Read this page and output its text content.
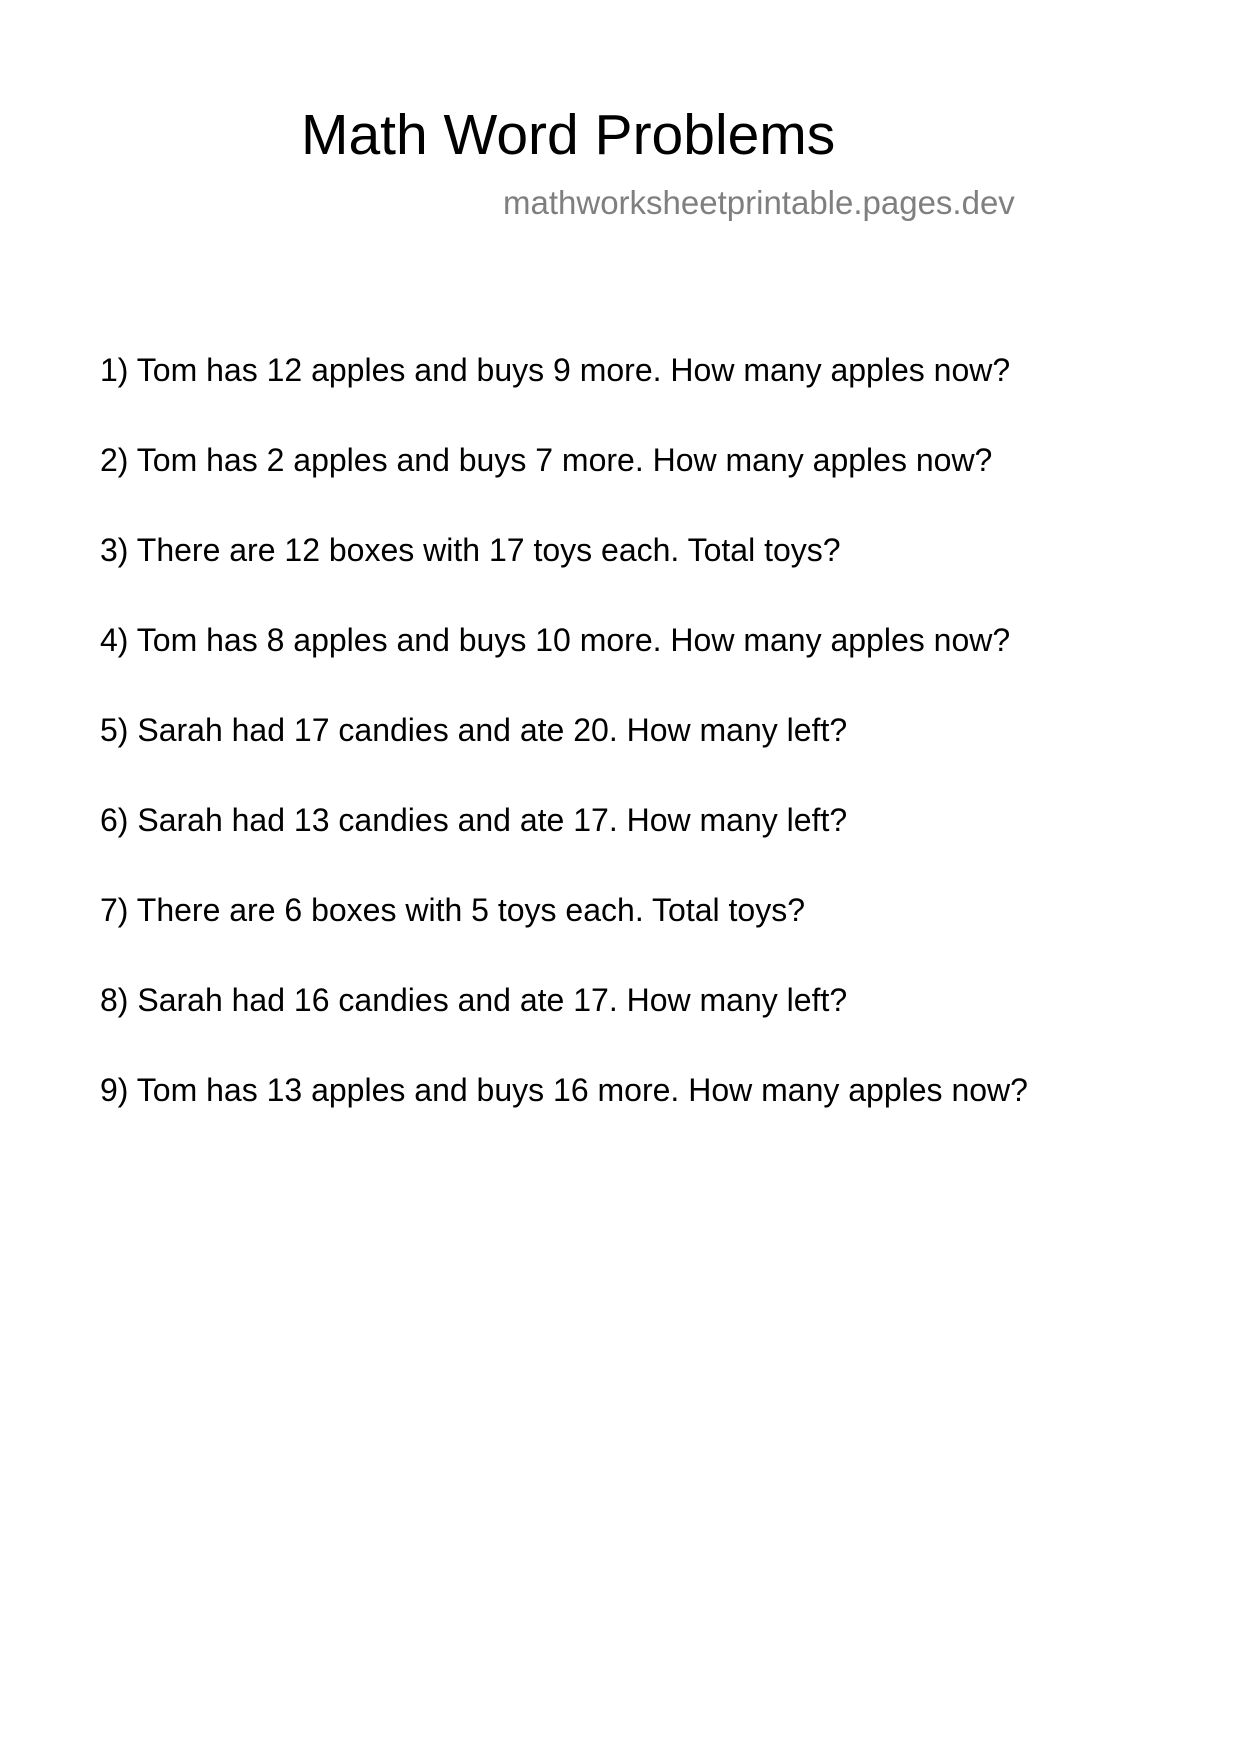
Math Word Problems
mathworksheetprintable.pages.dev
1) Tom has 12 apples and buys 9 more. How many apples now?
2) Tom has 2 apples and buys 7 more. How many apples now?
3) There are 12 boxes with 17 toys each. Total toys?
4) Tom has 8 apples and buys 10 more. How many apples now?
5) Sarah had 17 candies and ate 20. How many left?
6) Sarah had 13 candies and ate 17. How many left?
7) There are 6 boxes with 5 toys each. Total toys?
8) Sarah had 16 candies and ate 17. How many left?
9) Tom has 13 apples and buys 16 more. How many apples now?
